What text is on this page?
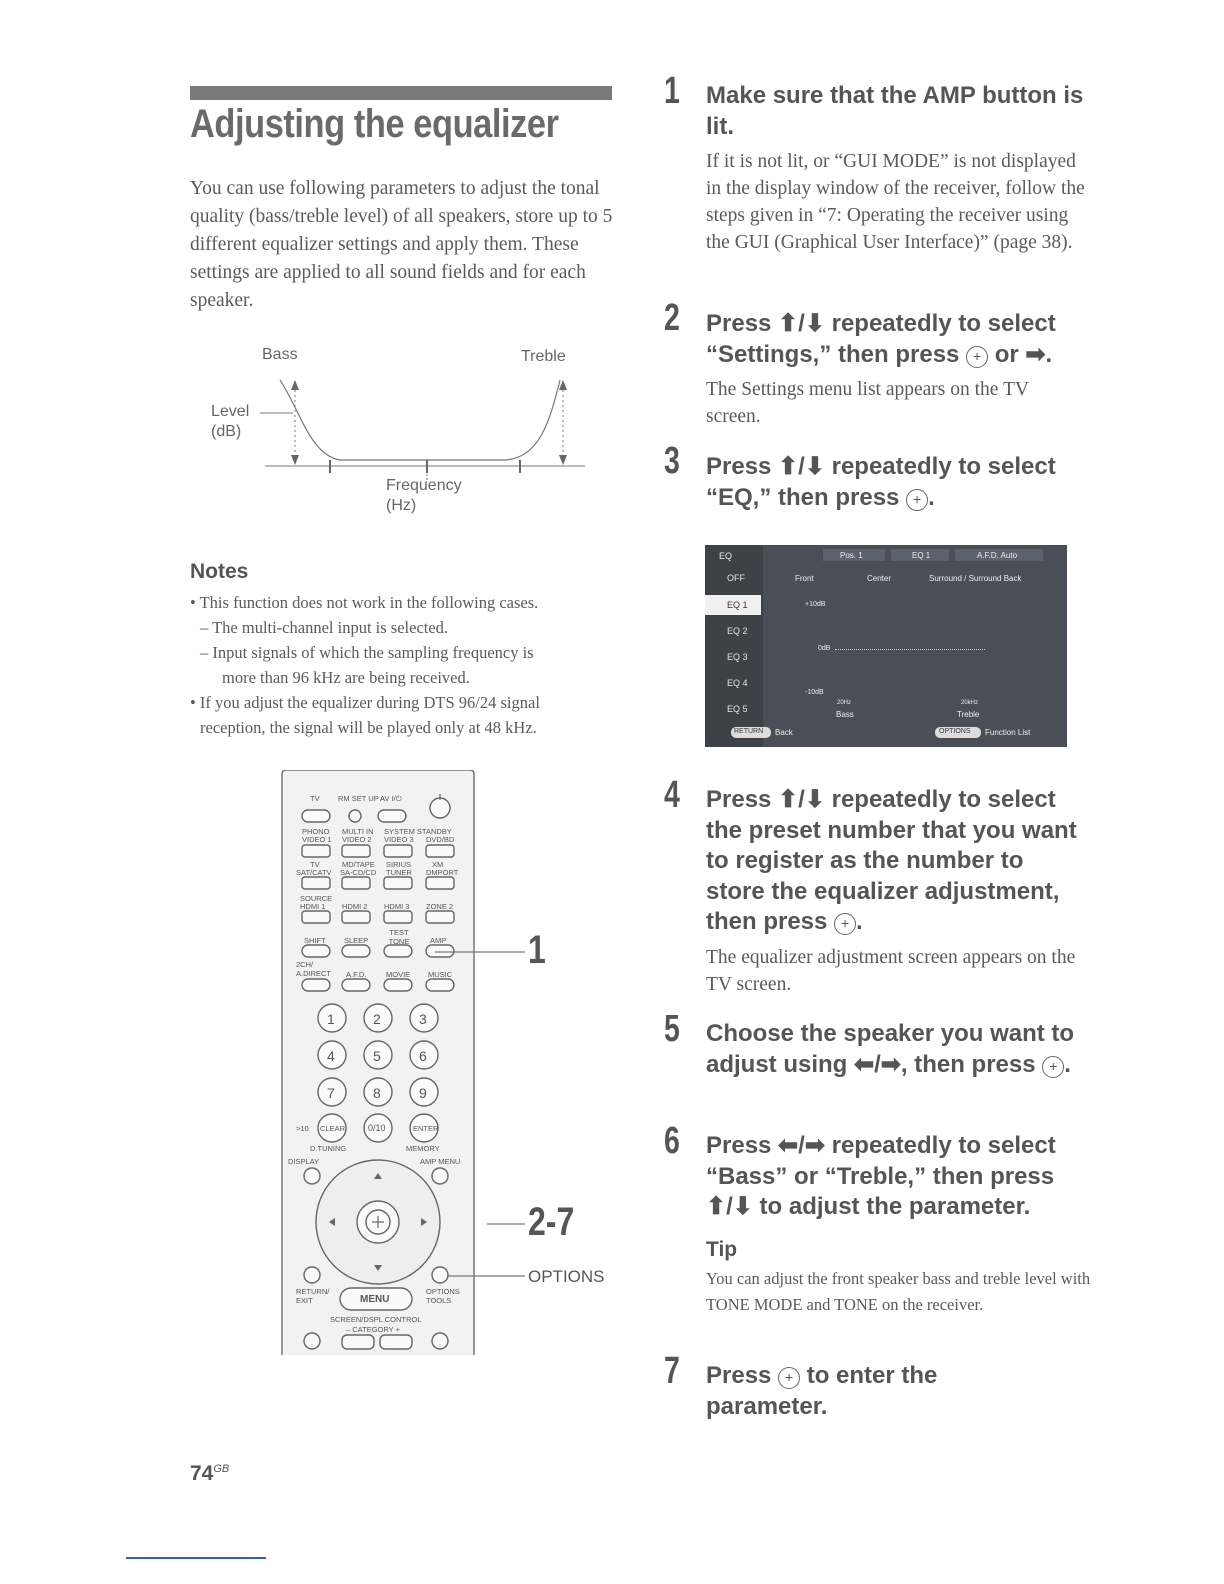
Adjusting the equalizer
You can use following parameters to adjust the tonal quality (bass/treble level) of all speakers, store up to 5 different equalizer settings and apply them. These settings are applied to all sound fields and for each speaker.
Bass	Treble
Level
(dB)
Frequency
(Hz)
Notes
• This function does not work in the following cases.
– The multi-channel input is selected.
– Input signals of which the sampling frequency is
more than 96 kHz are being received.
• If you adjust the equalizer during DTS 96/24 signal
reception, the signal will be played only at 48 kHz.
TV RM SET UP AV I/⏻
PHONO
VIDEO 1
MULTI IN
VIDEO 2
SYSTEM STANDBY
VIDEO 3 DVD/BD
TV
SAT/CATV
MD/TAPE
SA-CD/CD
SIRIUS
TUNER
XM
DMPORT
SOURCE
HDMI 1 HDMI 2 HDMI 3 ZONE 2
SHIFT SLEEP
TEST TONE	AMP
2CH/ A.DIRECT A.F.D.	MOVIE MUSIC
1	2	3
4	5	6
7	8	9
>10 CLEAR	0/10	ENTER
D.TUNING	MEMORY
DISPLAY	AMP MENU
RETURN/ EXIT	MENU
OPTIONS TOOLS
SCREEN/DSPL CONTROL
– CATEGORY +
1
2-7
OPTIONS
$74^{GB}$
1 Make sure that the AMP button is lit.
If it is not lit, or “GUI MODE” is not displayed in the display window of the receiver, follow the steps given in “7: Operating the receiver using the GUI (Graphical User Interface)” (page 38).
2 Press ⬆/⬇ repeatedly to select “Settings,” then press + or ➡.
The Settings menu list appears on the TV screen.
3 Press ⬆/⬇ repeatedly to select “EQ,” then press + .
EQ	Pos. 1	EQ 1	A.F.D. Auto
OFF
EQ 1
EQ 2
EQ 3
EQ 4
EQ 5
Front	Center	Surround / Surround Back
+10dB
0dB
-10dB
20Hz
Bass
20kHz
Treble
RETURN Back	OPTIONS Function List
4 Press ⬆/⬇ repeatedly to select the preset number that you want to register as the number to store the equalizer adjustment, then press + .
The equalizer adjustment screen appears on the TV screen.
5 Choose the speaker you want to adjust using ⬅/➡, then press + .
6 Press ⬅/➡ repeatedly to select “Bass” or “Treble,” then press ⬆/⬇ to adjust the parameter.
Tip
You can adjust the front speaker bass and treble level with TONE MODE and TONE on the receiver.
7 Press + to enter the parameter.
